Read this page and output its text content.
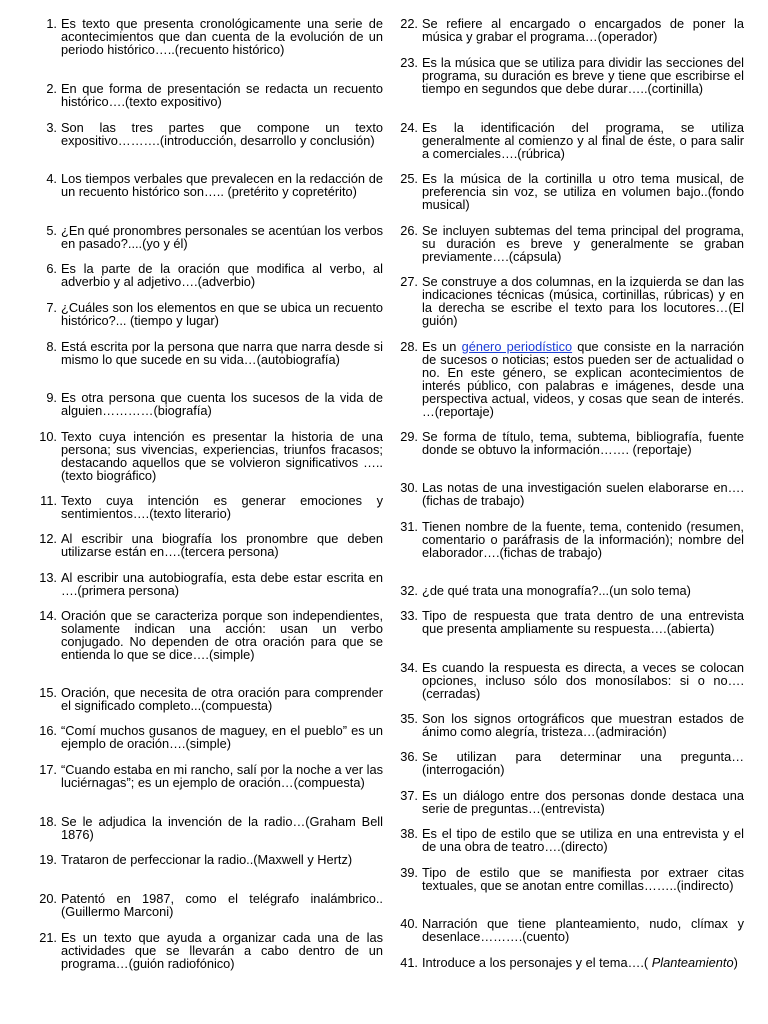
1. Es texto que presenta cronológicamente una serie de acontecimientos que dan cuenta de la evolución de un periodo histórico…..(recuento histórico)
2. En que forma de presentación se redacta un recuento histórico….(texto expositivo)
3. Son las tres partes que compone un texto expositivo……….(introducción, desarrollo y conclusión)
4. Los tiempos verbales que prevalecen en la redacción de un recuento histórico son….. (pretérito y copretérito)
5. ¿En qué pronombres personales se acentúan los verbos en pasado?....(yo y él)
6. Es la parte de la oración que modifica al verbo, al adverbio y al adjetivo….(adverbio)
7. ¿Cuáles son los elementos en que se ubica un recuento histórico?... (tiempo y lugar)
8. Está escrita por la persona que narra que narra desde si mismo lo que sucede en su vida…(autobiografía)
9. Es otra persona que cuenta los sucesos de la vida de alguien…………(biografía)
10. Texto cuya intención es presentar la historia de una persona; sus vivencias, experiencias, triunfos fracasos; destacando aquellos que se volvieron significativos …..(texto biográfico)
11. Texto cuya intención es generar emociones y sentimientos….(texto literario)
12. Al escribir una biografía los pronombre que deben utilizarse están en….(tercera persona)
13. Al escribir una autobiografía, esta debe estar escrita en ….(primera persona)
14. Oración que se caracteriza porque son independientes, solamente indican una acción: usan un verbo conjugado. No dependen de otra oración para que se entienda lo que se dice….(simple)
15. Oración, que necesita de otra oración para comprender el significado completo...(compuesta)
16. “Comí muchos gusanos de maguey, en el pueblo” es un ejemplo de oración….(simple)
17. “Cuando estaba en mi rancho, salí por la noche a ver las luciérnagas”; es un ejemplo de oración…(compuesta)
18. Se le adjudica la invención de la radio…(Graham Bell 1876)
19. Trataron de perfeccionar la radio..(Maxwell y Hertz)
20. Patentó en 1987, como el telégrafo inalámbrico..(Guillermo Marconi)
21. Es un texto que ayuda a organizar cada una de las actividades que se llevarán a cabo dentro de un programa…(guión radiofónico)
22. Se refiere al encargado o encargados de poner la música y grabar el programa…(operador)
23. Es la música que se utiliza para dividir las secciones del programa, su duración es breve y tiene que escribirse el tiempo en segundos que debe durar…..(cortinilla)
24. Es la identificación del programa, se utiliza generalmente al comienzo y al final de éste, o para salir a comerciales….(rúbrica)
25. Es la música de la cortinilla u otro tema musical, de preferencia sin voz, se utiliza en volumen bajo..(fondo musical)
26. Se incluyen subtemas del tema principal del programa, su duración es breve y generalmente se graban previamente….(cápsula)
27. Se construye a dos columnas, en la izquierda se dan las indicaciones técnicas (música, cortinillas, rúbricas) y en la derecha se escribe el texto para los locutores…(El guión)
28. Es un género periodístico que consiste en la narración de sucesos o noticias; estos pueden ser de actualidad o no. En este género, se explican acontecimientos de interés público, con palabras e imágenes, desde una perspectiva actual, videos, y cosas que sean de interés. …(reportaje)
29. Se forma de título, tema, subtema, bibliografía, fuente donde se obtuvo la información……. (reportaje)
30. Las notas de una investigación suelen elaborarse en….(fichas de trabajo)
31. Tienen nombre de la fuente, tema, contenido (resumen, comentario o paráfrasis de la información); nombre del elaborador….(fichas de trabajo)
32. ¿de qué trata una monografía?...(un solo tema)
33. Tipo de respuesta que trata dentro de una entrevista que presenta ampliamente su respuesta….(abierta)
34. Es cuando la respuesta es directa, a veces se colocan opciones, incluso sólo dos monosílabos: si o no….(cerradas)
35. Son los signos ortográficos que muestran estados de ánimo como alegría, tristeza…(admiración)
36. Se utilizan para determinar una pregunta…(interrogación)
37. Es un diálogo entre dos personas donde destaca una serie de preguntas…(entrevista)
38. Es el tipo de estilo que se utiliza en una entrevista y el de una obra de teatro….(directo)
39. Tipo de estilo que se manifiesta por extraer citas textuales, que se anotan entre comillas……..(indirecto)
40. Narración que tiene planteamiento, nudo, clímax y desenlace……….(cuento)
41. Introduce a los personajes y el tema….( Planteamiento)
